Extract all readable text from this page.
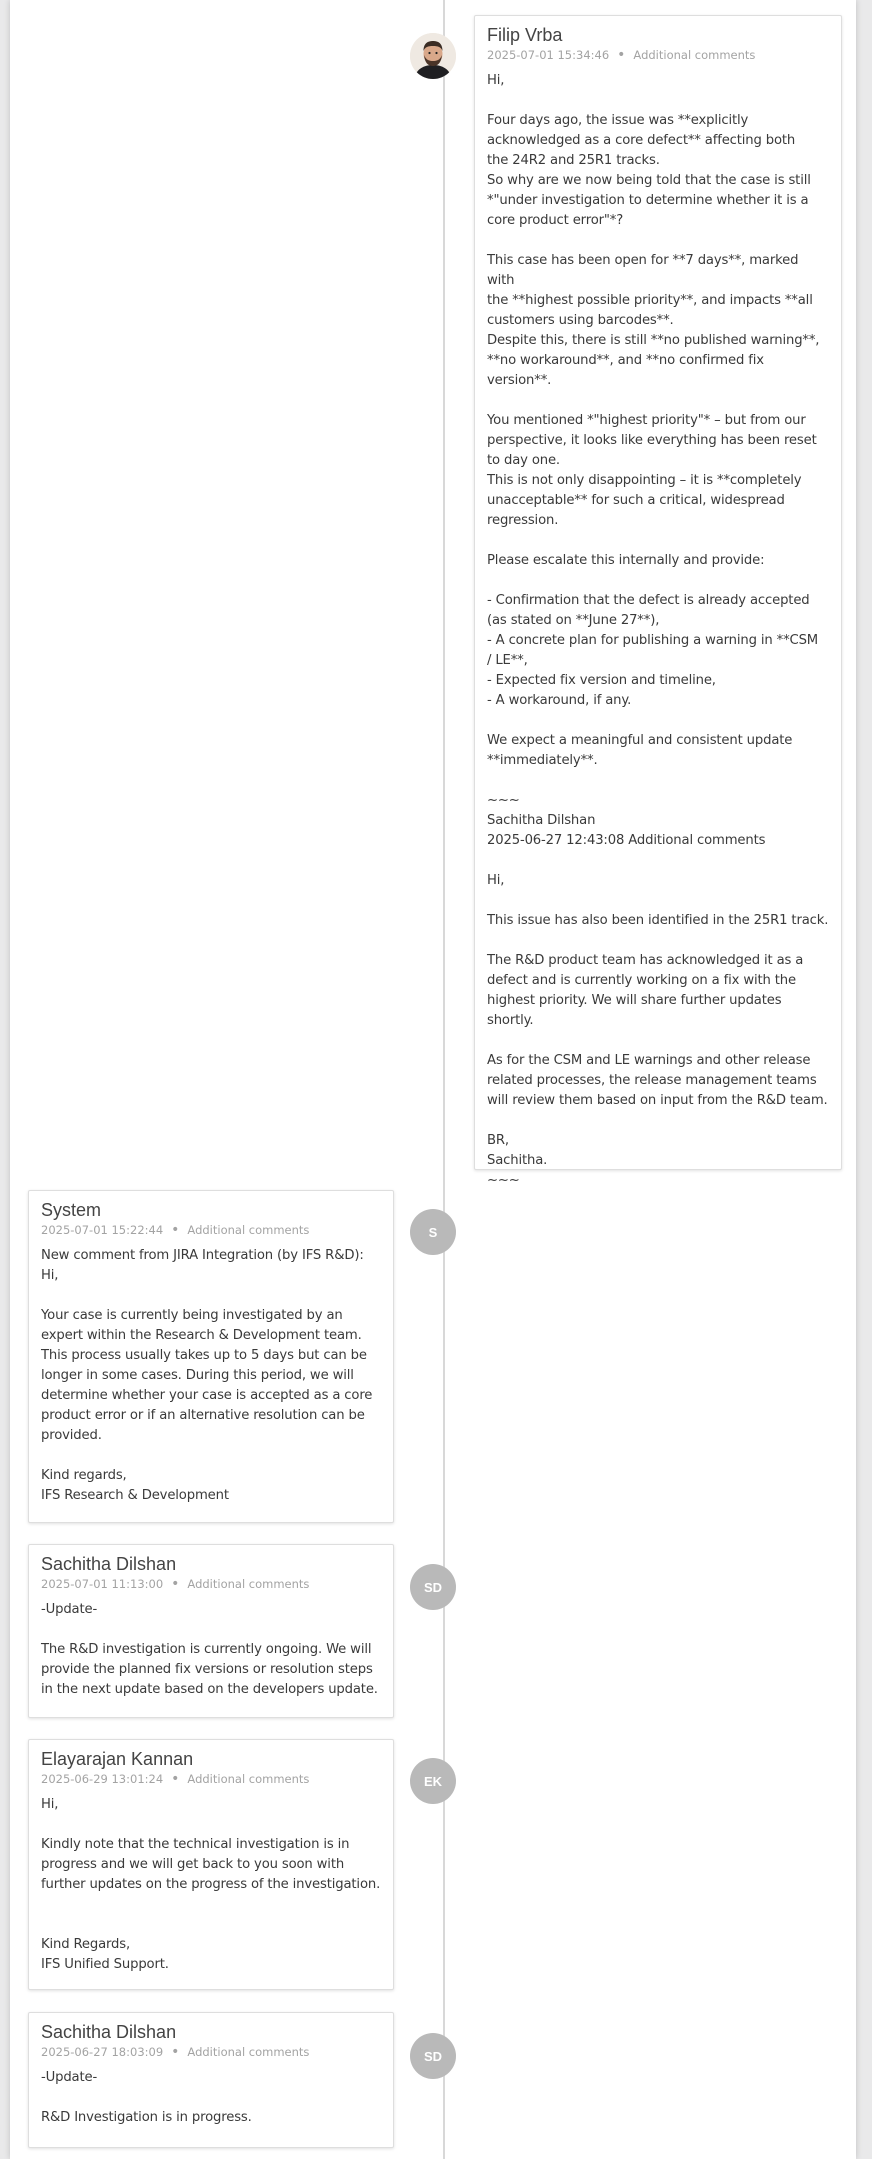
Filip Vrba
2025-07-01 15:34:46 • Additional comments
Hi,

Four days ago, the issue was **explicitly
acknowledged as a core defect** affecting both
the 24R2 and 25R1 tracks.
So why are we now being told that the case is still
*"under investigation to determine whether it is a
core product error"*?

This case has been open for **7 days**, marked with
the **highest possible priority**, and impacts **all
customers using barcodes**.
Despite this, there is still **no published warning**,
**no workaround**, and **no confirmed fix version**.

You mentioned *"highest priority"* – but from our
perspective, it looks like everything has been reset
to day one.
This is not only disappointing – it is **completely
unacceptable** for such a critical, widespread
regression.

Please escalate this internally and provide:

- Confirmation that the defect is already accepted
(as stated on **June 27**),
- A concrete plan for publishing a warning in **CSM
/ LE**,
- Expected fix version and timeline,
- A workaround, if any.

We expect a meaningful and consistent update
**immediately**.

~~~
Sachitha Dilshan
2025-06-27 12:43:08 Additional comments

Hi,

This issue has also been identified in the 25R1 track.

The R&D product team has acknowledged it as a
defect and is currently working on a fix with the
highest priority. We will share further updates
shortly.

As for the CSM and LE warnings and other release
related processes, the release management teams
will review them based on input from the R&D team.

BR,
Sachitha.
~~~
System
2025-07-01 15:22:44 • Additional comments
New comment from JIRA Integration (by IFS R&D):
Hi,

Your case is currently being investigated by an
expert within the Research & Development team.
This process usually takes up to 5 days but can be
longer in some cases. During this period, we will
determine whether your case is accepted as a core
product error or if an alternative resolution can be
provided.

Kind regards,
IFS Research & Development
S
Sachitha Dilshan
2025-07-01 11:13:00 • Additional comments
-Update-

The R&D investigation is currently ongoing. We will
provide the planned fix versions or resolution steps
in the next update based on the developers update.
SD
Elayarajan Kannan
2025-06-29 13:01:24 • Additional comments
Hi,

Kindly note that the technical investigation is in
progress and we will get back to you soon with
further updates on the progress of the investigation.

Kind Regards,
IFS Unified Support.
EK
Sachitha Dilshan
2025-06-27 18:03:09 • Additional comments
-Update-

R&D Investigation is in progress.
SD
